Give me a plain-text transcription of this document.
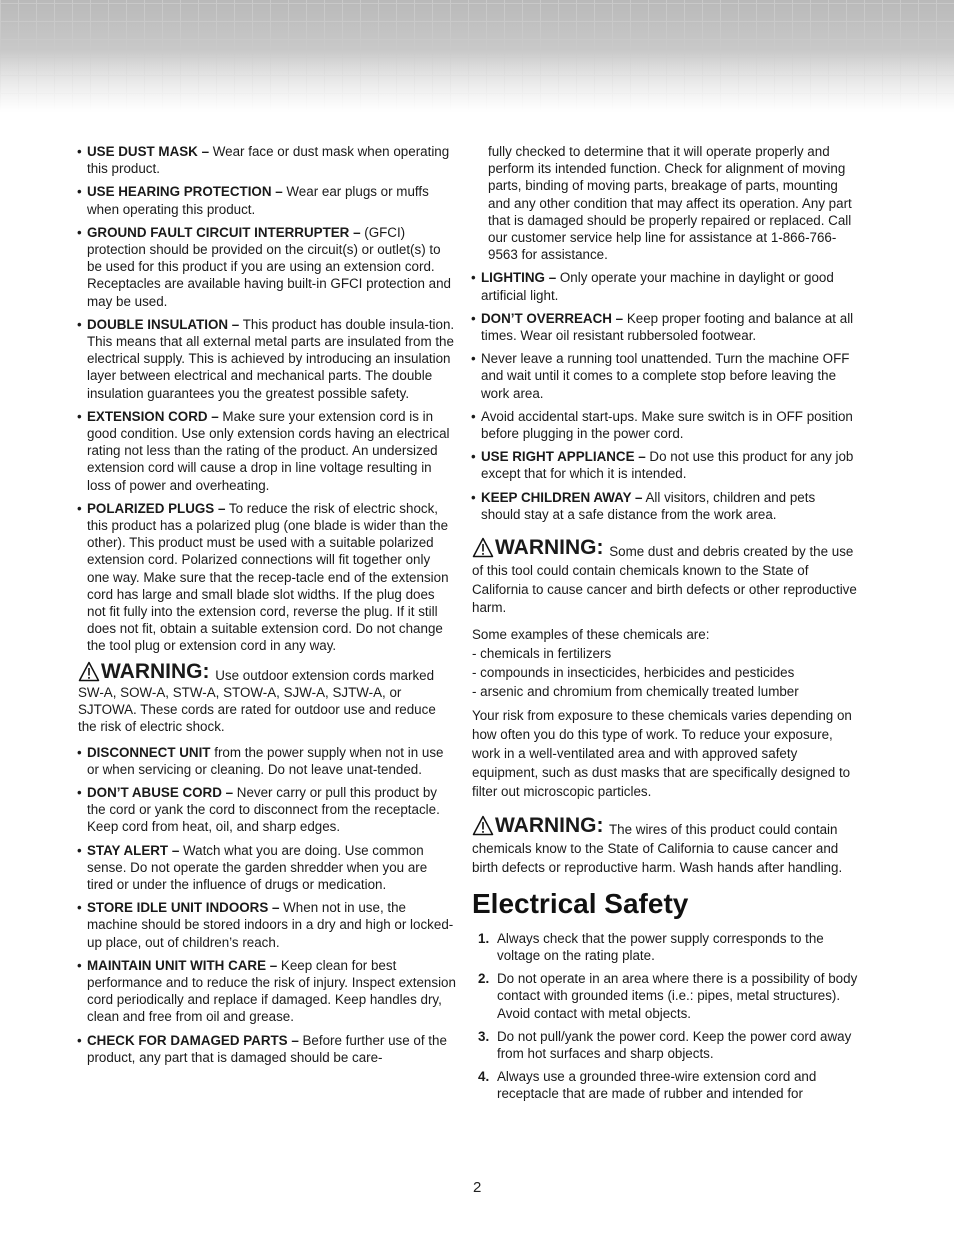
• USE DUST MASK – Wear face or dust mask when operating this product.
• USE HEARING PROTECTION – Wear ear plugs or muffs when operating this product.
• GROUND FAULT CIRCUIT INTERRUPTER – (GFCI) protection should be provided on the circuit(s) or outlet(s) to be used for this product if you are using an extension cord. Receptacles are available having built-in GFCI protection and may be used.
• DOUBLE INSULATION – This product has double insula-tion. This means that all external metal parts are insulated from the electrical supply. This is achieved by introducing an insulation layer between electrical and mechanical parts. The double insulation guarantees you the greatest possible safety.
• EXTENSION CORD – Make sure your extension cord is in good condition. Use only extension cords having an electrical rating not less than the rating of the product. An undersized extension cord will cause a drop in line voltage resulting in loss of power and overheating.
• POLARIZED PLUGS – To reduce the risk of electric shock, this product has a polarized plug (one blade is wider than the other). This product must be used with a suitable polarized extension cord. Polarized connections will fit together only one way. Make sure that the recep-tacle end of the extension cord has large and small blade slot widths. If the plug does not fit fully into the extension cord, reverse the plug. If it still does not fit, obtain a suitable extension cord. Do not change the tool plug or extension cord in any way.
WARNING: Use outdoor extension cords marked SW-A, SOW-A, STW-A, STOW-A, SJW-A, SJTW-A, or SJTOWA. These cords are rated for outdoor use and reduce the risk of electric shock.
• DISCONNECT UNIT from the power supply when not in use or when servicing or cleaning. Do not leave unat-tended.
• DON’T ABUSE CORD – Never carry or pull this product by the cord or yank the cord to disconnect from the receptacle. Keep cord from heat, oil, and sharp edges.
• STAY ALERT – Watch what you are doing. Use common sense. Do not operate the garden shredder when you are tired or under the influence of drugs or medication.
• STORE IDLE UNIT INDOORS – When not in use, the machine should be stored indoors in a dry and high or locked-up place, out of children’s reach.
• MAINTAIN UNIT WITH CARE – Keep clean for best performance and to reduce the risk of injury. Inspect extension cord periodically and replace if damaged. Keep handles dry, clean and free from oil and grease.
• CHECK FOR DAMAGED PARTS – Before further use of the product, any part that is damaged should be care-
fully checked to determine that it will operate properly and perform its intended function. Check for alignment of moving parts, binding of moving parts, breakage of parts, mounting and any other condition that may affect its operation. Any part that is damaged should be properly repaired or replaced. Call our customer service help line for assistance at 1-866-766-9563 for assistance.
• LIGHTING – Only operate your machine in daylight or good artificial light.
• DON’T OVERREACH – Keep proper footing and balance at all times. Wear oil resistant rubbersoled footwear.
• Never leave a running tool unattended. Turn the machine OFF and wait until it comes to a complete stop before leaving the work area.
• Avoid accidental start-ups. Make sure switch is in OFF position before plugging in the power cord.
• USE RIGHT APPLIANCE – Do not use this product for any job except that for which it is intended.
• KEEP CHILDREN AWAY – All visitors, children and pets should stay at a safe distance from the work area.
WARNING: Some dust and debris created by the use of this tool could contain chemicals known to the State of California to cause cancer and birth defects or other reproductive harm.
Some examples of these chemicals are:
- chemicals in fertilizers
- compounds in insecticides, herbicides and pesticides
- arsenic and chromium from chemically treated lumber
Your risk from exposure to these chemicals varies depending on how often you do this type of work. To reduce your exposure, work in a well-ventilated area and with approved safety equipment, such as dust masks that are specifically designed to filter out microscopic particles.
WARNING: The wires of this product could contain chemicals know to the State of California to cause cancer and birth defects or reproductive harm. Wash hands after handling.
Electrical Safety
1. Always check that the power supply corresponds to the voltage on the rating plate.
2. Do not operate in an area where there is a possibility of body contact with grounded items (i.e.: pipes, metal structures). Avoid contact with metal objects.
3. Do not pull/yank the power cord. Keep the power cord away from hot surfaces and sharp objects.
4. Always use a grounded three-wire extension cord and receptacle that are made of rubber and intended for
2
